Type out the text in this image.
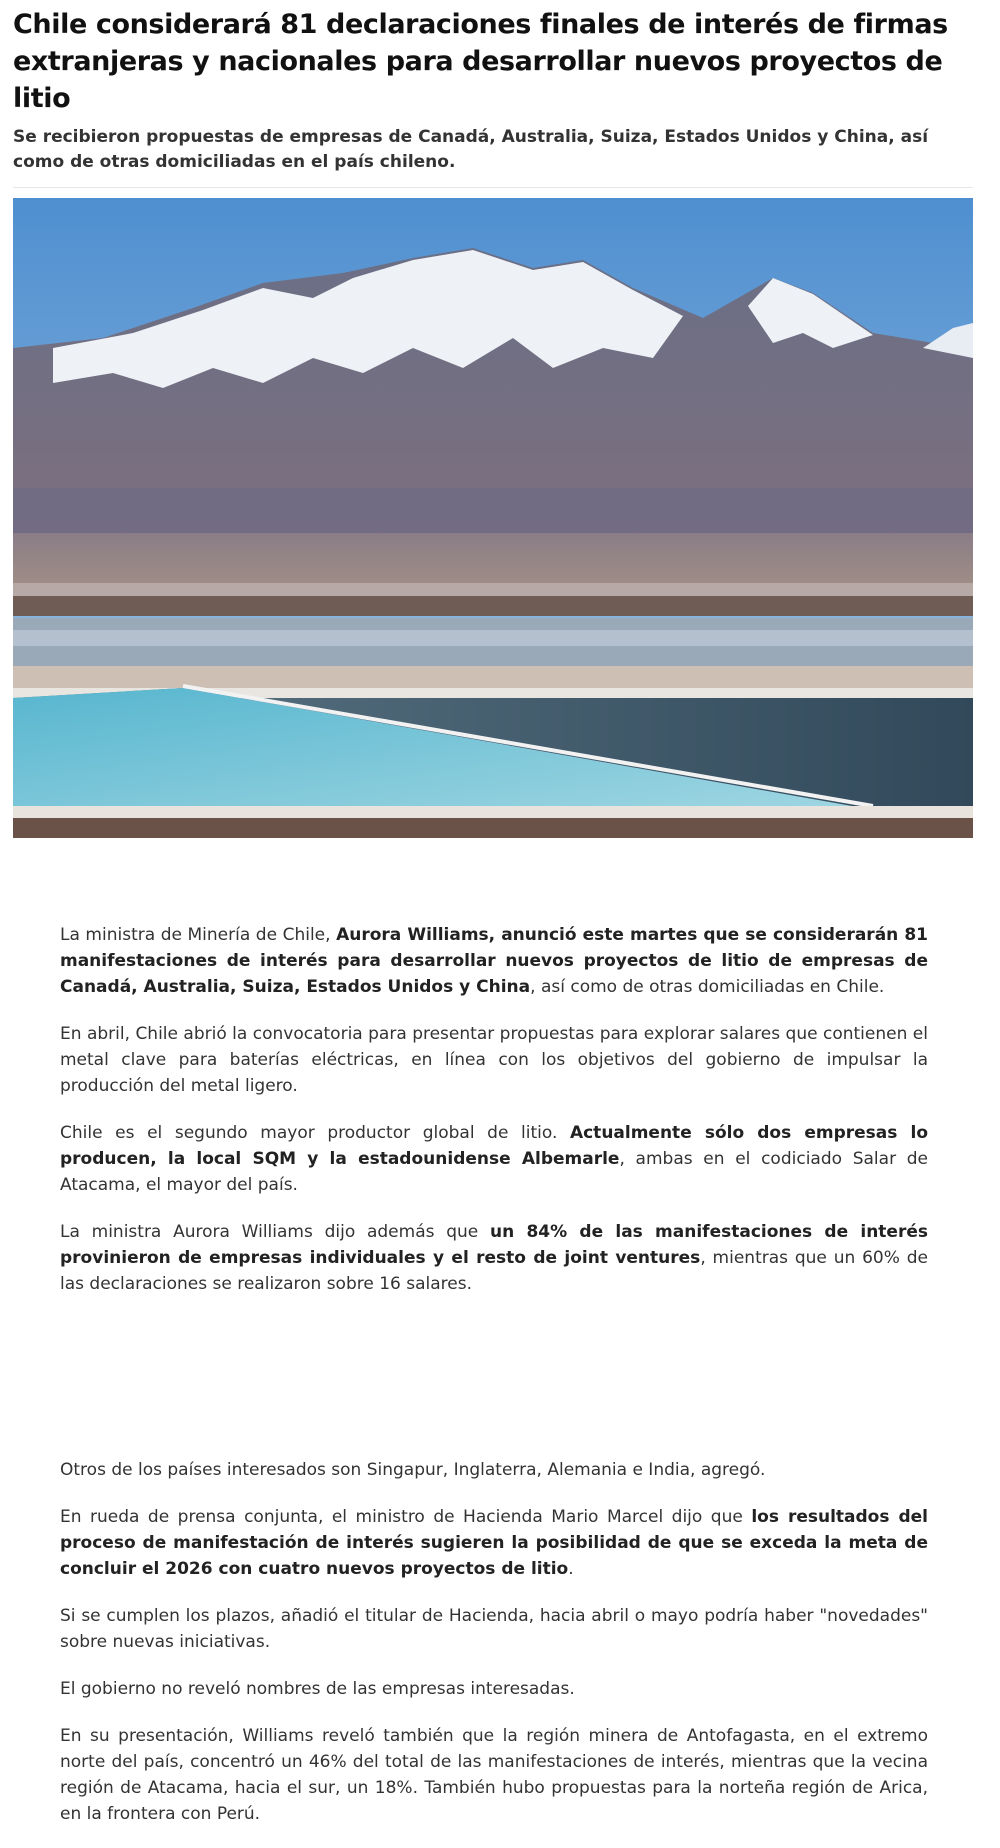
Chile considerará 81 declaraciones finales de interés de firmas extranjeras y nacionales para desarrollar nuevos proyectos de litio
Se recibieron propuestas de empresas de Canadá, Australia, Suiza, Estados Unidos y China, así como de otras domiciliadas en el país chileno.

La ministra de Minería de Chile, Aurora Williams, anunció este martes que se considerarán 81 manifestaciones de interés para desarrollar nuevos proyectos de litio de empresas de Canadá, Australia, Suiza, Estados Unidos y China, así como de otras domiciliadas en Chile.

En abril, Chile abrió la convocatoria para presentar propuestas para explorar salares que contienen el metal clave para baterías eléctricas, en línea con los objetivos del gobierno de impulsar la producción del metal ligero.

Chile es el segundo mayor productor global de litio. Actualmente sólo dos empresas lo producen, la local SQM y la estadounidense Albemarle, ambas en el codiciado Salar de Atacama, el mayor del país.

La ministra Aurora Williams dijo además que un 84% de las manifestaciones de interés provinieron de empresas individuales y el resto de joint ventures, mientras que un 60% de las declaraciones se realizaron sobre 16 salares.

Otros de los países interesados son Singapur, Inglaterra, Alemania e India, agregó.

En rueda de prensa conjunta, el ministro de Hacienda Mario Marcel dijo que los resultados del proceso de manifestación de interés sugieren la posibilidad de que se exceda la meta de concluir el 2026 con cuatro nuevos proyectos de litio.

Si se cumplen los plazos, añadió el titular de Hacienda, hacia abril o mayo podría haber "novedades" sobre nuevas iniciativas.

El gobierno no reveló nombres de las empresas interesadas.

En su presentación, Williams reveló también que la región minera de Antofagasta, en el extremo norte del país, concentró un 46% del total de las manifestaciones de interés, mientras que la vecina región de Atacama, hacia el sur, un 18%. También hubo propuestas para la norteña región de Arica, en la frontera con Perú.
